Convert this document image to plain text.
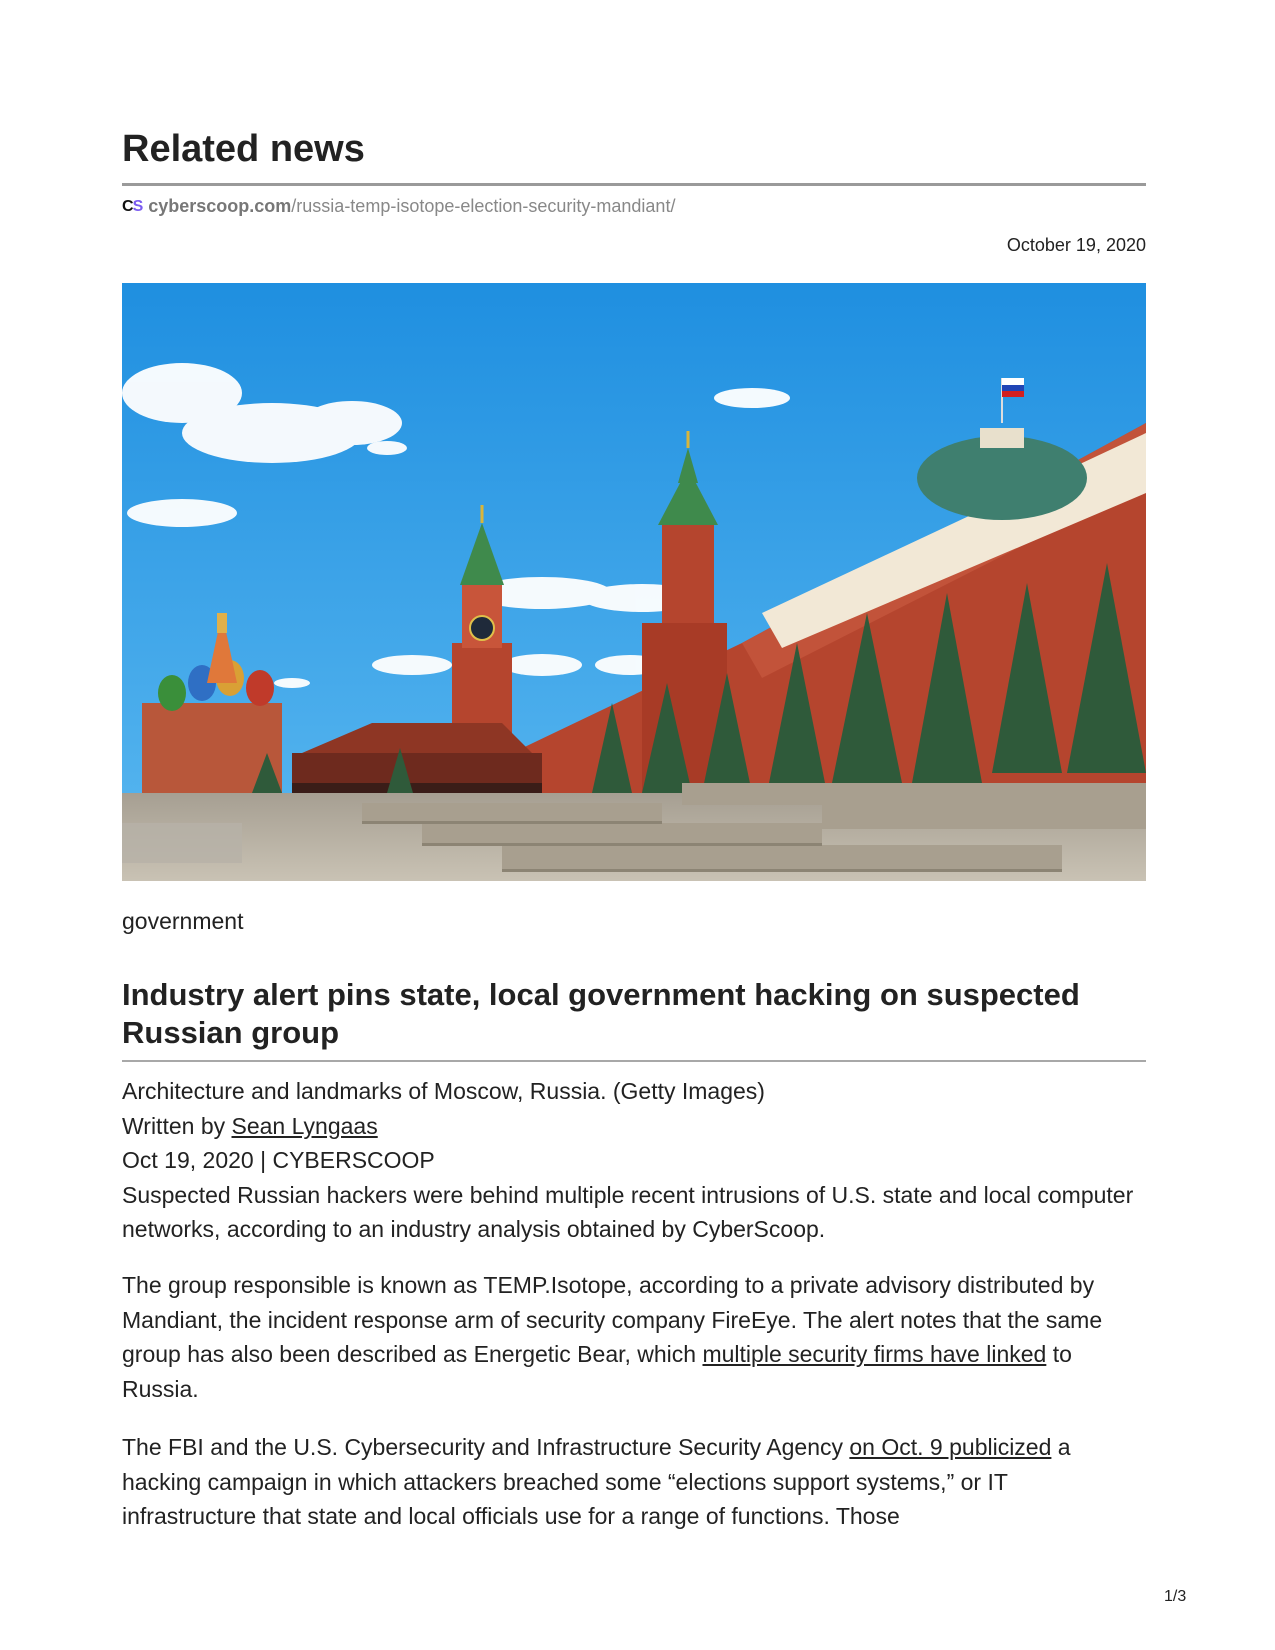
Related news
CS cyberscoop.com /russia-temp-isotope-election-security-mandiant/
October 19, 2020
government
Industry alert pins state, local government hacking on suspected Russian group

Architecture and landmarks of Moscow, Russia. (Getty Images)

Written by Sean Lyngaas

Oct 19, 2020 | CYBERSCOOP

Suspected Russian hackers were behind multiple recent intrusions of U.S. state and local computer networks, according to an industry analysis obtained by CyberScoop.

The group responsible is known as TEMP.Isotope, according to a private advisory distributed by Mandiant, the incident response arm of security company FireEye. The alert notes that the same group has also been described as Energetic Bear, which multiple security firms have linked to Russia.

The FBI and the U.S. Cybersecurity and Infrastructure Security Agency on Oct. 9 publicized a hacking campaign in which attackers breached some “elections support systems,” or IT infrastructure that state and local officials use for a range of functions. Those

1/3
